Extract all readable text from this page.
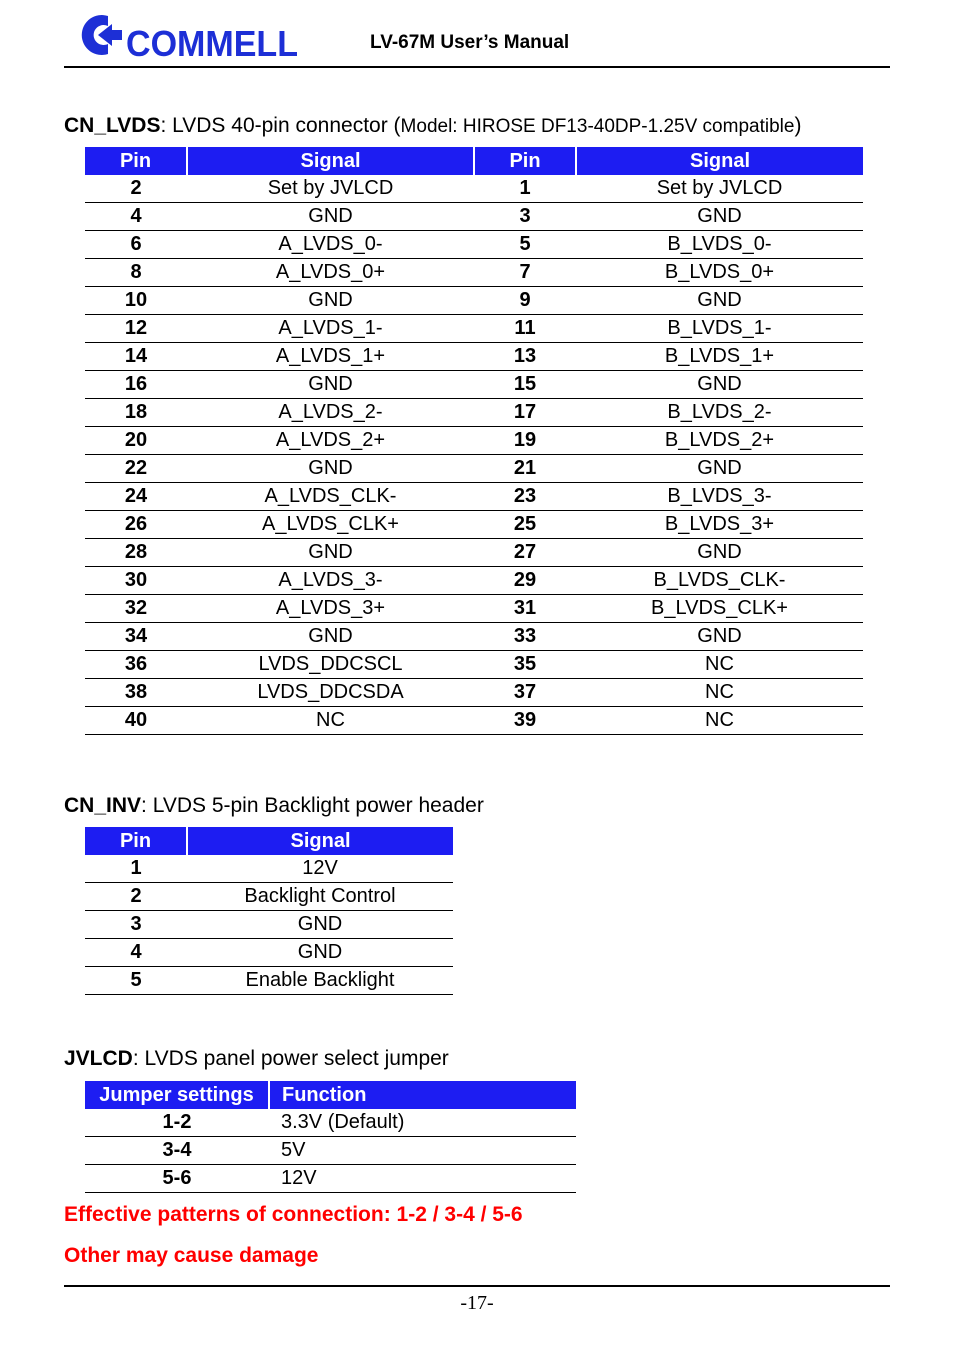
COMMELL	LV-67M User’s Manual
CN_LVDS: LVDS 40-pin connector (Model: HIROSE DF13-40DP-1.25V compatible)
Pin	Signal	Pin	Signal
2	Set by JVLCD	1	Set by JVLCD
4	GND	3	GND
6	A_LVDS_0-	5	B_LVDS_0-
8	A_LVDS_0+	7	B_LVDS_0+
10	GND	9	GND
12	A_LVDS_1-	11	B_LVDS_1-
14	A_LVDS_1+	13	B_LVDS_1+
16	GND	15	GND
18	A_LVDS_2-	17	B_LVDS_2-
20	A_LVDS_2+	19	B_LVDS_2+
22	GND	21	GND
24	A_LVDS_CLK-	23	B_LVDS_3-
26	A_LVDS_CLK+	25	B_LVDS_3+
28	GND	27	GND
30	A_LVDS_3-	29	B_LVDS_CLK-
32	A_LVDS_3+	31	B_LVDS_CLK+
34	GND	33	GND
36	LVDS_DDCSCL	35	NC
38	LVDS_DDCSDA	37	NC
40	NC	39	NC
CN_INV: LVDS 5-pin Backlight power header
Pin	Signal
1	12V
2	Backlight Control
3	GND
4	GND
5	Enable Backlight
JVLCD: LVDS panel power select jumper
Jumper settings	Function
1-2	3.3V (Default)
3-4	5V
5-6	12V
Effective patterns of connection: 1-2 / 3-4 / 5-6
Other may cause damage
-17-
